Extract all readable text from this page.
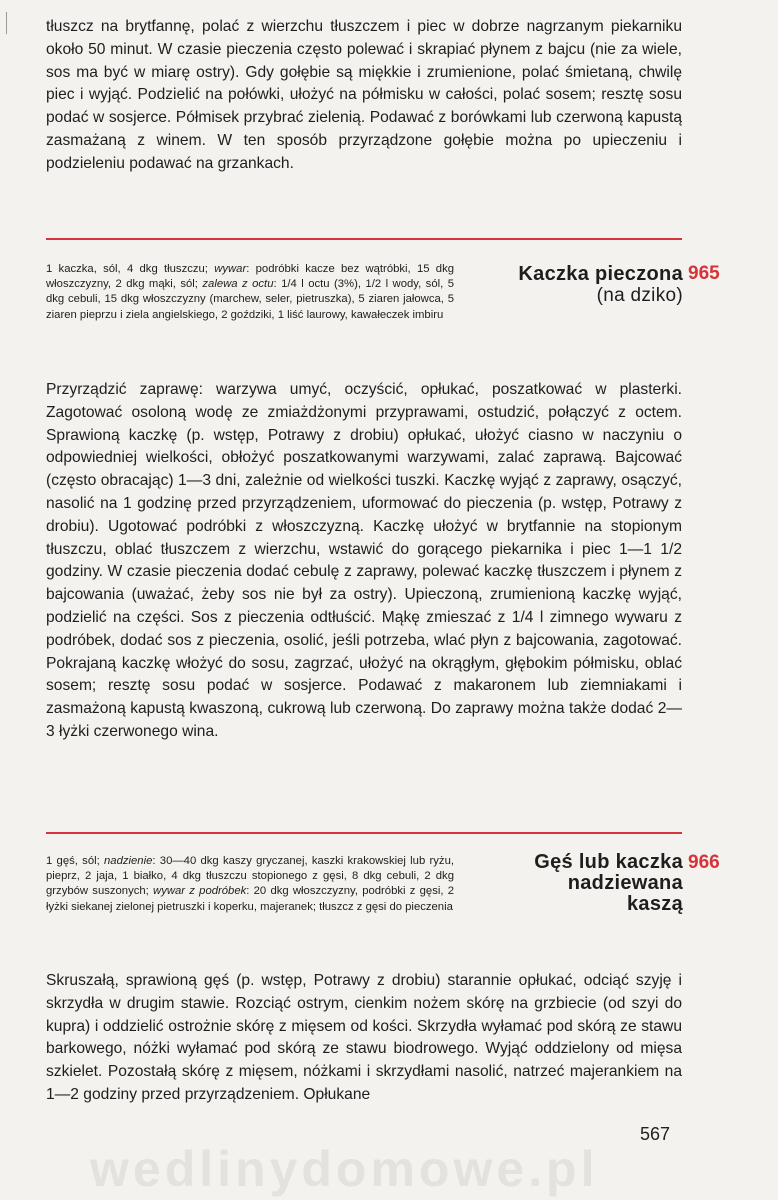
tłuszcz na brytfannę, polać z wierzchu tłuszczem i piec w dobrze nagrzanym piekarniku około 50 minut. W czasie pieczenia często polewać i skrapiać płynem z bajcu (nie za wiele, sos ma być w miarę ostry). Gdy gołębie są miękkie i zrumienione, polać śmietaną, chwilę piec i wyjąć. Podzielić na połówki, ułożyć na półmisku w całości, polać sosem; resztę sosu podać w sosjerce. Półmisek przybrać zielenią. Podawać z borówkami lub czerwoną kapustą zasmażaną z winem. W ten sposób przyrządzone gołębie można po upieczeniu i podzieleniu podawać na grzankach.

1 kaczka, sól, 4 dkg tłuszczu; wywar: podróbki kacze bez wątróbki, 15 dkg włoszczyzny, 2 dkg mąki, sól; zalewa z octu: 1/4 l octu (3%), 1/2 l wody, sól, 5 dkg cebuli, 15 dkg włoszczyzny (marchew, seler, pietruszka), 5 ziaren jałowca, 5 ziaren pieprzu i ziela angielskiego, 2 goździki, 1 liść laurowy, kawałeczek imbiru

Kaczka pieczona
(na dziko)
965

Przyrządzić zaprawę: warzywa umyć, oczyścić, opłukać, poszatkować w plasterki. Zagotować osoloną wodę ze zmiażdżonymi przyprawami, ostudzić, połączyć z octem. Sprawioną kaczkę (p. wstęp, Potrawy z drobiu) opłukać, ułożyć ciasno w naczyniu o odpowiedniej wielkości, obłożyć poszatkowanymi warzywami, zalać zaprawą. Bajcować (często obracając) 1—3 dni, zależnie od wielkości tuszki. Kaczkę wyjąć z zaprawy, osączyć, nasolić na 1 godzinę przed przyrządzeniem, uformować do pieczenia (p. wstęp, Potrawy z drobiu). Ugotować podróbki z włoszczyzną. Kaczkę ułożyć w brytfannie na stopionym tłuszczu, oblać tłuszczem z wierzchu, wstawić do gorącego piekarnika i piec 1—1 1/2 godziny. W czasie pieczenia dodać cebulę z zaprawy, polewać kaczkę tłuszczem i płynem z bajcowania (uważać, żeby sos nie był za ostry). Upieczoną, zrumienioną kaczkę wyjąć, podzielić na części. Sos z pieczenia odtłuścić. Mąkę zmieszać z 1/4 l zimnego wywaru z podróbek, dodać sos z pieczenia, osolić, jeśli potrzeba, wlać płyn z bajcowania, zagotować. Pokrajaną kaczkę włożyć do sosu, zagrzać, ułożyć na okrągłym, głębokim półmisku, oblać sosem; resztę sosu podać w sosjerce. Podawać z makaronem lub ziemniakami i zasmażoną kapustą kwaszoną, cukrową lub czerwoną. Do zaprawy można także dodać 2—3 łyżki czerwonego wina.

1 gęś, sól; nadzienie: 30—40 dkg kaszy gryczanej, kaszki krakowskiej lub ryżu, pieprz, 2 jaja, 1 białko, 4 dkg tłuszczu stopionego z gęsi, 8 dkg cebuli, 2 dkg grzybów suszonych; wywar z podróbek: 20 dkg włoszczyzny, podróbki z gęsi, 2 łyżki siekanej zielonej pietruszki i koperku, majeranek; tłuszcz z gęsi do pieczenia

Gęś lub kaczka
nadziewana
kaszą
966

Skruszałą, sprawioną gęś (p. wstęp, Potrawy z drobiu) starannie opłukać, odciąć szyję i skrzydła w drugim stawie. Rozciąć ostrym, cienkim nożem skórę na grzbiecie (od szyi do kupra) i oddzielić ostrożnie skórę z mięsem od kości. Skrzydła wyłamać pod skórą ze stawu barkowego, nóżki wyłamać pod skórą ze stawu biodrowego. Wyjąć oddzielony od mięsa szkielet. Pozostałą skórę z mięsem, nóżkami i skrzydłami nasolić, natrzeć majerankiem na 1—2 godziny przed przyrządzeniem. Opłukane

wedlinydomowe.pl
567
